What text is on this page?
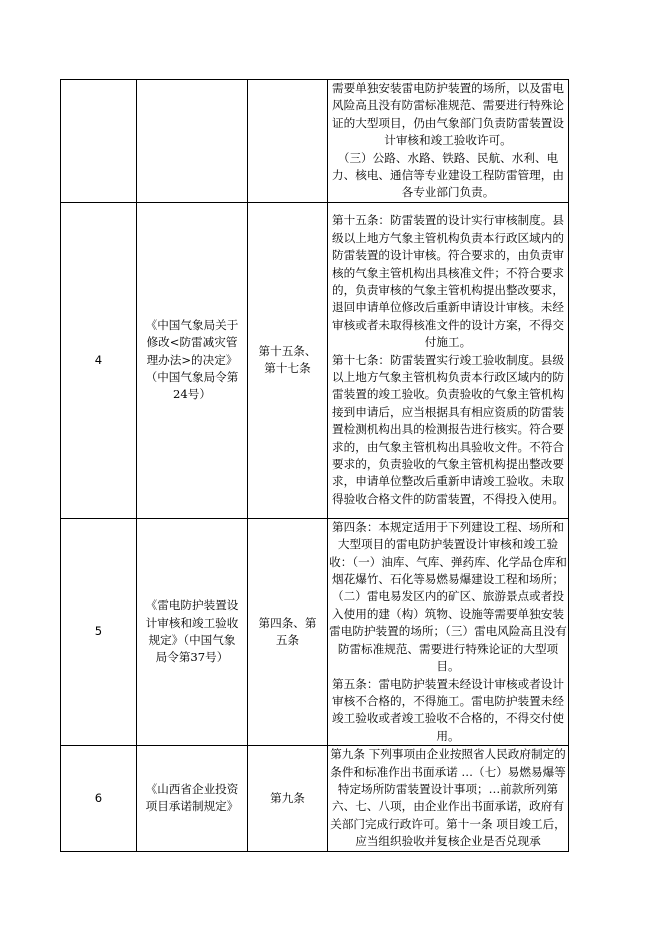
			需要单独安装雷电防护装置的场所，以及雷电风险高且没有防雷标准规范、需要进行特殊论证的大型项目，仍由气象部门负责防雷装置设计审核和竣工验收许可。
（三）公路、水路、铁路、民航、水利、电力、核电、通信等专业建设工程防雷管理，由各专业部门负责。

4	《中国气象局关于修改<防雷减灾管理办法>的决定》（中国气象局令第24号）	第十五条、第十七条	第十五条：防雷装置的设计实行审核制度。县级以上地方气象主管机构负责本行政区域内的防雷装置的设计审核。符合要求的，由负责审核的气象主管机构出具核准文件；不符合要求的，负责审核的气象主管机构提出整改要求，退回申请单位修改后重新申请设计审核。未经审核或者未取得核准文件的设计方案，不得交付施工。
第十七条：防雷装置实行竣工验收制度。县级以上地方气象主管机构负责本行政区域内的防雷装置的竣工验收。负责验收的气象主管机构接到申请后，应当根据具有相应资质的防雷装置检测机构出具的检测报告进行核实。符合要求的，由气象主管机构出具验收文件。不符合要求的，负责验收的气象主管机构提出整改要求，申请单位整改后重新申请竣工验收。未取得验收合格文件的防雷装置，不得投入使用。

5	《雷电防护装置设计审核和竣工验收规定》（中国气象局令第37号）	第四条、第五条	第四条：本规定适用于下列建设工程、场所和大型项目的雷电防护装置设计审核和竣工验收：（一）油库、气库、弹药库、化学品仓库和烟花爆竹、石化等易燃易爆建设工程和场所；（二）雷电易发区内的矿区、旅游景点或者投入使用的建（构）筑物、设施等需要单独安装雷电防护装置的场所；（三）雷电风险高且没有防雷标准规范、需要进行特殊论证的大型项目。
第五条：雷电防护装置未经设计审核或者设计审核不合格的，不得施工。雷电防护装置未经竣工验收或者竣工验收不合格的，不得交付使用。

6	《山西省企业投资项目承诺制规定》	第九条	第九条 下列事项由企业按照省人民政府制定的条件和标准作出书面承诺 …（七）易燃易爆等特定场所防雷装置设计事项；…前款所列第六、七、八项，由企业作出书面承诺，政府有关部门完成行政许可。第十一条 项目竣工后，应当组织验收并复核企业是否兑现承
